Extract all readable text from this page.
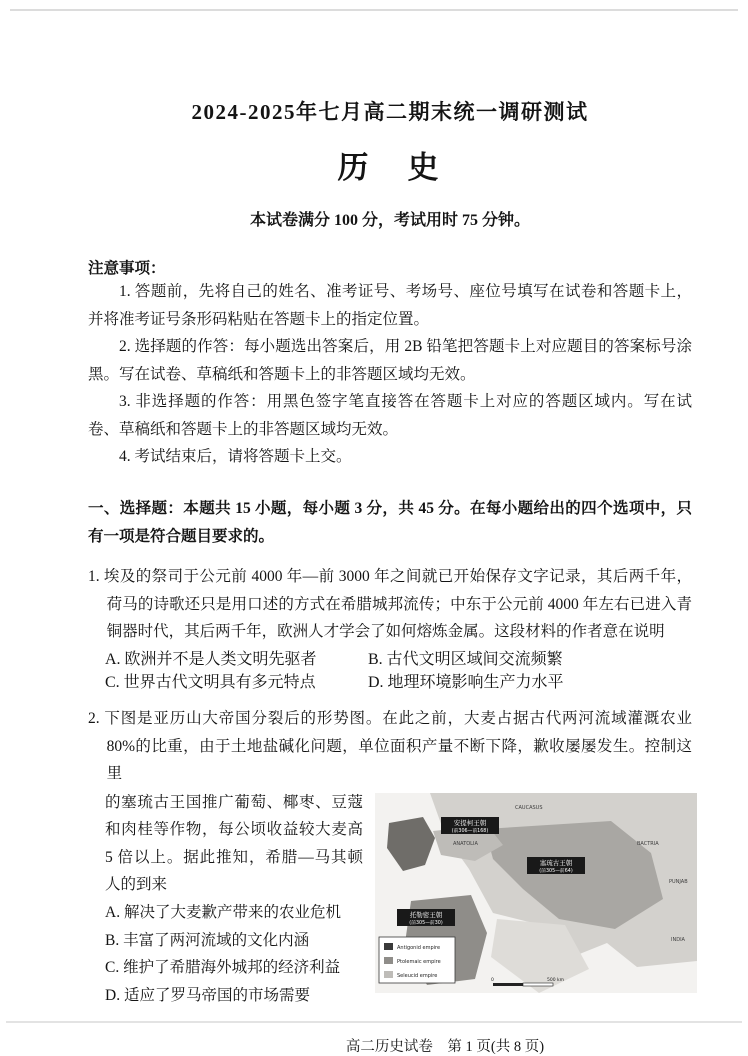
2024-2025年七月高二期末统一调研测试
历　史
本试卷满分 100 分，考试用时 75 分钟。
注意事项：

1. 答题前，先将自己的姓名、准考证号、考场号、座位号填写在试卷和答题卡上，并将准考证号条形码粘贴在答题卡上的指定位置。

2. 选择题的作答：每小题选出答案后，用 2B 铅笔把答题卡上对应题目的答案标号涂黑。写在试卷、草稿纸和答题卡上的非答题区域均无效。

3. 非选择题的作答：用黑色签字笔直接答在答题卡上对应的答题区域内。写在试卷、草稿纸和答题卡上的非答题区域均无效。

4. 考试结束后，请将答题卡上交。

一、选择题：本题共 15 小题，每小题 3 分，共 45 分。在每小题给出的四个选项中，只有一项是符合题目要求的。

1. 埃及的祭司于公元前 4000 年—前 3000 年之间就已开始保存文字记录，其后两千年，荷马的诗歌还只是用口述的方式在希腊城邦流传；中东于公元前 4000 年左右已进入青铜器时代，其后两千年，欧洲人才学会了如何熔炼金属。这段材料的作者意在说明

A. 欧洲并不是人类文明先驱者	B. 古代文明区域间交流频繁
C. 世界古代文明具有多元特点	D. 地理环境影响生产力水平

2. 下图是亚历山大帝国分裂后的形势图。在此之前，大麦占据古代两河流域灌溉农业 80%的比重，由于土地盐碱化问题，单位面积产量不断下降，歉收屡屡发生。控制这里

的塞琉古王国推广葡萄、椰枣、豆蔻和肉桂等作物，每公顷收益较大麦高 5 倍以上。据此推知，希腊—马其顿人的到来

A. 解决了大麦歉产带来的农业危机

B. 丰富了两河流域的文化内涵

C. 维护了希腊海外城邦的经济利益

D. 适应了罗马帝国的市场需要

ANATOLIA
CAUCASUS
BACTRIA
PUNJAB
INDIA
安提柯王朝
(前306—前168)
塞琉古王朝
(前305—前64)
托勒密王朝
(前305—前30)
Antigonid empire
Ptolemaic empire
Seleucid empire
0	500 km
高二历史试卷　第 1 页(共 8 页)
